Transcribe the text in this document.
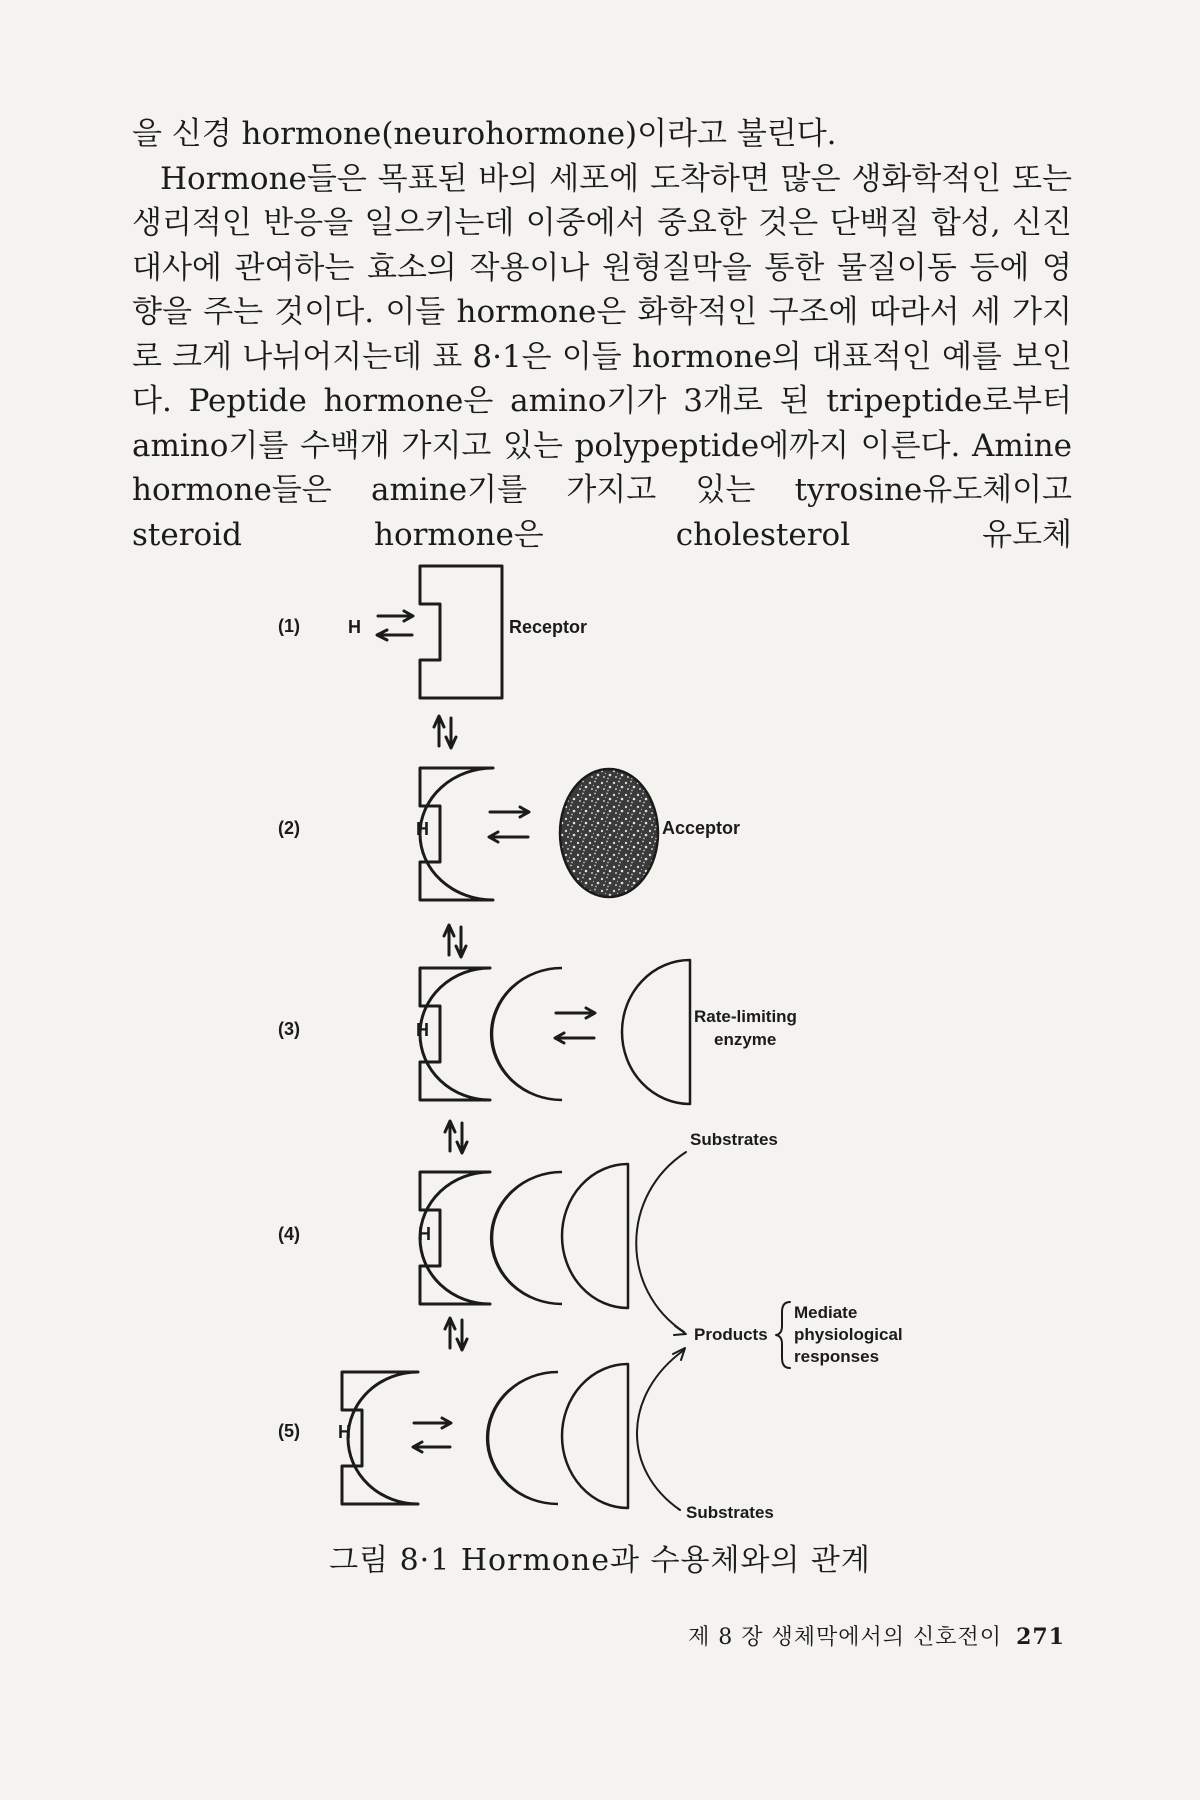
을 신경 hormone(neurohormone)이라고 불린다.

Hormone들은 목표된 바의 세포에 도착하면 많은 생화학적인 또는 생리적인 반응을 일으키는데 이중에서 중요한 것은 단백질 합성, 신진대사에 관여하는 효소의 작용이나 원형질막을 통한 물질이동 등에 영향을 주는 것이다. 이들 hormone은 화학적인 구조에 따라서 세 가지로 크게 나뉘어지는데 표 8·1은 이들 hormone의 대표적인 예를 보인다. Peptide hormone은 amino기가 3개로 된 tripeptide로부터 amino기를 수백개 가지고 있는 polypeptide에까지 이른다. Amine hormone들은 amine기를 가지고 있는 tyrosine유도체이고 steroid hormone은 cholesterol 유도체

(1)
(2)
(3)
(4)
(5)
H
H
H
H
H
Receptor
Acceptor
Rate-limiting
enzyme
Substrates
Products
Mediate
physiological
responses
Substrates
그림 8·1 Hormone과 수용체와의 관계
제 8 장 생체막에서의 신호전이 271
